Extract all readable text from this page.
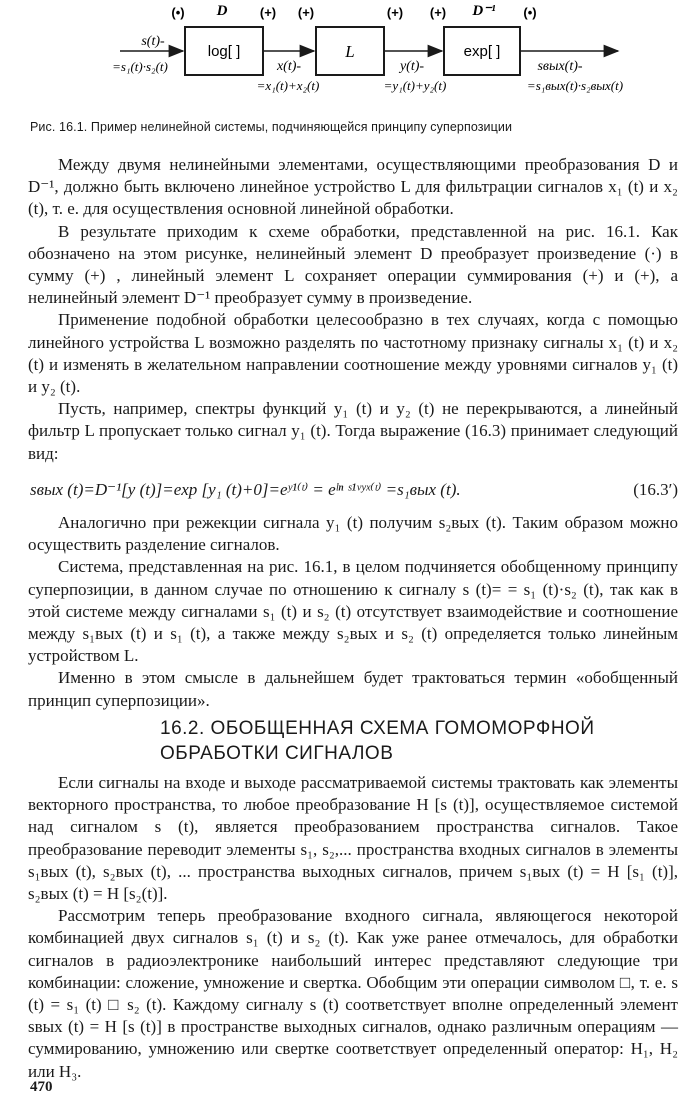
log[ ]	L	exp[ ]
(•) D (+) (+)	(+) (+) D⁻¹ (•)
s(t)-
=s₁(t)·s₂(t)	x(t)-
=x₁(t)+x₂(t)
y(t)-
=y₁(t)+y₂(t)
sвых(t)-
=s₁вых(t)·s₂вых(t)
Рис. 16.1. Пример нелинейной системы, подчиняющейся принципу суперпозиции

Между двумя нелинейными элементами, осуществляющими преобразования D и D⁻¹, должно быть включено линейное устройство L для фильтрации сигналов x₁ (t) и x₂ (t), т. е. для осуществления основной линейной обработки.

В результате приходим к схеме обработки, представленной на рис. 16.1. Как обозначено на этом рисунке, нелинейный элемент D преобразует произведение (·) в сумму (+) , линейный элемент L сохраняет операции суммирования (+) и (+), а нелинейный элемент D⁻¹ преобразует сумму в произведение.

Применение подобной обработки целесообразно в тех случаях, когда с помощью линейного устройства L возможно разделять по частотному признаку сигналы x₁ (t) и x₂ (t) и изменять в желательном направлении соотношение между уровнями сигналов y₁ (t) и y₂ (t).

Пусть, например, спектры функций y₁ (t) и y₂ (t) не перекрываются, а линейный фильтр L пропускает только сигнал y₁ (t). Тогда выражение (16.3) принимает следующий вид:

sвых (t)=D⁻¹[y (t)]=exp [y₁ (t)+0]=eʸ¹⁽ᵗ⁾ = eˡⁿ ˢ¹ᵛʸˣ⁽ᵗ⁾ =s₁вых (t).	(16.3′)

Аналогично при режекции сигнала y₁ (t) получим s₂вых (t). Таким образом можно осуществить разделение сигналов.

Система, представленная на рис. 16.1, в целом подчиняется обобщенному принципу суперпозиции, в данном случае по отношению к сигналу s (t)= = s₁ (t)·s₂ (t), так как в этой системе между сигналами s₁ (t) и s₂ (t) отсутствует взаимодействие и соотношение между s₁вых (t) и s₁ (t), а также между s₂вых и s₂ (t) определяется только линейным устройством L.

Именно в этом смысле в дальнейшем будет трактоваться термин «обобщенный принцип суперпозиции».

16.2. ОБОБЩЕННАЯ СХЕМА ГОМОМОРФНОЙ ОБРАБОТКИ СИГНАЛОВ

Если сигналы на входе и выходе рассматриваемой системы трактовать как элементы векторного пространства, то любое преобразование H [s (t)], осуществляемое системой над сигналом s (t), является преобразованием пространства сигналов. Такое преобразование переводит элементы s₁, s₂,... пространства входных сигналов в элементы s₁вых (t), s₂вых (t), ... пространства выходных сигналов, причем s₁вых (t) = H [s₁ (t)], s₂вых (t) = H [s₂(t)].

Рассмотрим теперь преобразование входного сигнала, являющегося некоторой комбинацией двух сигналов s₁ (t) и s₂ (t). Как уже ранее отмечалось, для обработки сигналов в радиоэлектронике наибольший интерес представляют следующие три комбинации: сложение, умножение и свертка. Обобщим эти операции символом □, т. е. s (t) = s₁ (t) □ s₂ (t). Каждому сигналу s (t) соответствует вполне определенный элемент sвых (t) = H [s (t)] в пространстве выходных сигналов, однако различным операциям — суммированию, умножению или свертке соответствует определенный оператор: H₁, H₂ или H₃.

470
